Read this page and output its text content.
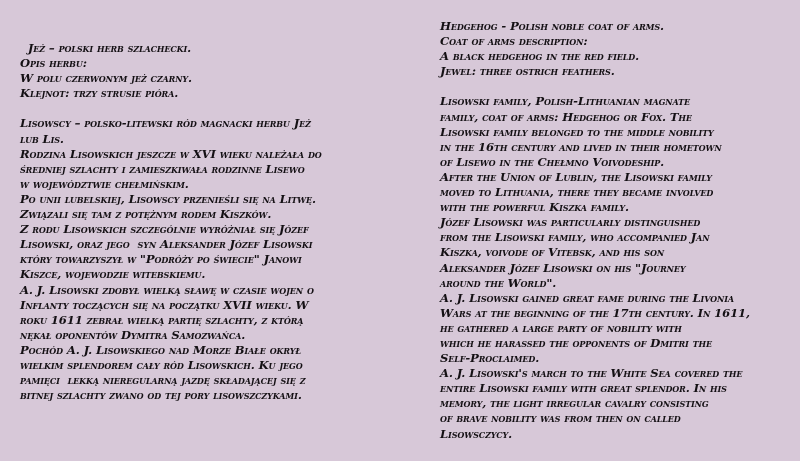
Jeż – polski herb szlachecki.
Opis herbu:
W polu czerwonym jeż czarny.
Klejnot: trzy strusie pióra.
Lisowscy – polsko-litewski ród magnacki herbu Jeż
lub Lis.
Rodzina Lisowskich jeszcze w XVI wieku należała do
średniej szlachty i zamieszkiwała rodzinne Lisewo
w województwie chełmińskim.
Po unii lubelskiej, Lisowscy przenieśli się na Litwę.
Związali się tam z potężnym rodem Kiszków.
Z rodu Lisowskich szczególnie wyróżniał się Józef
Lisowski, oraz jego  syn Aleksander Józef Lisowski
który towarzyszył w "Podróży po świecie" Janowi
Kiszce, wojewodzie witebskiemu.
A. J. Lisowski zdobył wielką sławę w czasie wojen o
Inflanty toczących się na początku XVII wieku. W
roku 1611 zebrał wielką partię szlachty, z którą
nękał oponentów Dymitra Samozwańca.
Pochód A. J. Lisowskiego nad Morze Białe okrył
wielkim splendorem cały ród Lisowskich. Ku jego
pamięci  lekką nieregularną jazdę składającej się z
bitnej szlachty zwano od tej pory lisowszczykami.
Hedgehog - Polish noble coat of arms.
Coat of arms description:
A black hedgehog in the red field.
Jewel: three ostrich feathers.
Lisowski family, Polish-Lithuanian magnate
family, coat of arms: Hedgehog or Fox. The
Lisowski family belonged to the middle nobility
in the 16th century and lived in their hometown
of Lisewo in the Chełmno Voivodeship.
After the Union of Lublin, the Lisowski family
moved to Lithuania, there they became involved
with the powerful Kiszka family.
Józef Lisowski was particularly distinguished
from the Lisowski family, who accompanied Jan
Kiszka, voivode of Vitebsk, and his son
Aleksander Józef Lisowski on his "Journey
around the World".
A. J. Lisowski gained great fame during the Livonia
Wars at the beginning of the 17th century. In 1611,
he gathered a large party of nobility with
which he harassed the opponents of Dmitri the
Self-Proclaimed.
A. J. Lisowski's march to the White Sea covered the
entire Lisowski family with great splendor. In his
memory, the light irregular cavalry consisting
of brave nobility was from then on called
Lisowsczycy.
